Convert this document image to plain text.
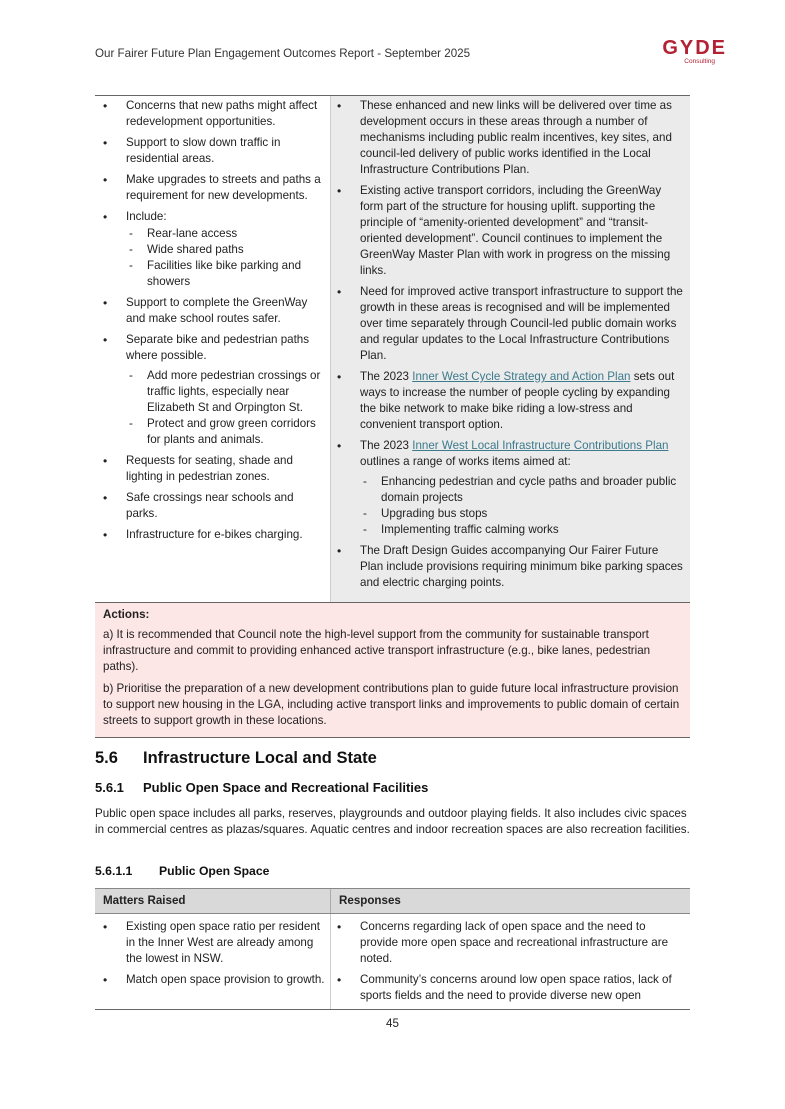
Our Fairer Future Plan Engagement Outcomes Report - September 2025	GYDE
Consulting
• Concerns that new paths might affect redevelopment opportunities.
• Support to slow down traffic in residential areas.
• Make upgrades to streets and paths a requirement for new developments.
• Include:
- Rear-lane access
- Wide shared paths
- Facilities like bike parking and showers
• Support to complete the GreenWay and make school routes safer.
• Separate bike and pedestrian paths where possible.
- Add more pedestrian crossings or traffic lights, especially near Elizabeth St and Orpington St.
- Protect and grow green corridors for plants and animals.
• Requests for seating, shade and lighting in pedestrian zones.
• Safe crossings near schools and parks.
• Infrastructure for e-bikes charging.
• These enhanced and new links will be delivered over time as development occurs in these areas through a number of mechanisms including public realm incentives, key sites, and council-led delivery of public works identified in the Local Infrastructure Contributions Plan.
• Existing active transport corridors, including the GreenWay form part of the structure for housing uplift. supporting the principle of “amenity-oriented development” and “transit-oriented development”. Council continues to implement the GreenWay Master Plan with work in progress on the missing links.
• Need for improved active transport infrastructure to support the growth in these areas is recognised and will be implemented over time separately through Council-led public domain works and regular updates to the Local Infrastructure Contributions Plan.
• The 2023 Inner West Cycle Strategy and Action Plan sets out ways to increase the number of people cycling by expanding the bike network to make bike riding a low-stress and convenient transport option.
• The 2023 Inner West Local Infrastructure Contributions Plan outlines a range of works items aimed at:
- Enhancing pedestrian and cycle paths and broader public domain projects
- Upgrading bus stops
- Implementing traffic calming works
• The Draft Design Guides accompanying Our Fairer Future Plan include provisions requiring minimum bike parking spaces and electric charging points.
Actions:

a) It is recommended that Council note the high-level support from the community for sustainable transport infrastructure and commit to providing enhanced active transport infrastructure (e.g., bike lanes, pedestrian paths).

b) Prioritise the preparation of a new development contributions plan to guide future local infrastructure provision to support new housing in the LGA, including active transport links and improvements to public domain of certain streets to support growth in these locations.

5.6 Infrastructure Local and State
5.6.1 Public Open Space and Recreational Facilities

Public open space includes all parks, reserves, playgrounds and outdoor playing fields. It also includes civic spaces in commercial centres as plazas/squares. Aquatic centres and indoor recreation spaces are also recreation facilities.

5.6.1.1 Public Open Space
Matters Raised	Responses
• Existing open space ratio per resident in the Inner West are already among the lowest in NSW.
• Match open space provision to growth.
• Concerns regarding lack of open space and the need to provide more open space and recreational infrastructure are noted.
• Community’s concerns around low open space ratios, lack of sports fields and the need to provide diverse new open
45
